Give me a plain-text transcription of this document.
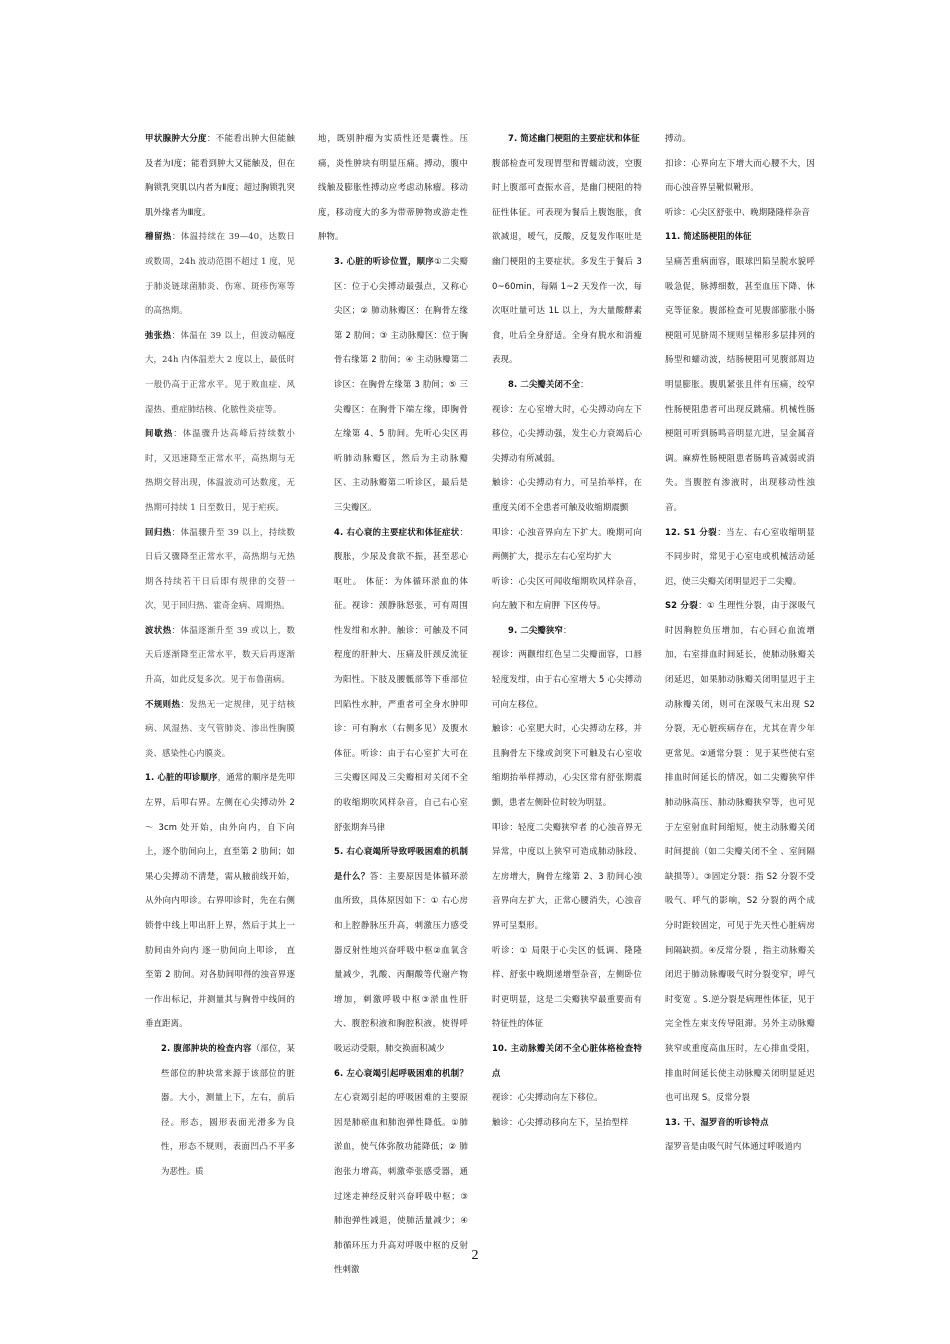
甲状腺肿大分度：不能看出肿大但能触及者为Ⅰ度；能看到肿大又能触及，但在胸锁乳突肌以内者为Ⅱ度；超过胸锁乳突肌外缘者为Ⅲ度。

稽留热：体温持续在 39—40，达数日或数周，24h 波动范围不超过 1 度，见于肺炎链球菌肺炎、伤寒、斑疹伤寒等的高热期。

弛张热：体温在 39 以上，但波动幅度大，24h 内体温差大 2 度以上，最低时一般仍高于正常水平。见于败血症、风湿热、重症肺结核、化脓性炎症等。

间歇热：体温骤升达高峰后持续数小时，又迅速降至正常水平，高热期与无热期交替出现，体温波动可达数度，无热期可持续 1 日至数日，见于疟疾。

回归热：体温骤升至 39 以上，持续数日后又骤降至正常水平，高热期与无热期各持续若干日后即有规律的交替一次，见于回归热、霍奇金病、周期热。

波状热：体温逐渐升至 39 或以上，数天后逐渐降至正常水平，数天后再逐渐升高，如此反复多次。见于布鲁菌病。

不规则热：发热无一定规律，见于结核病、风湿热、支气管肺炎、渗出性胸膜炎、感染性心内膜炎。

1. 心脏的叩诊顺序，通常的顺序是先叩左界，后叩右界。左侧在心尖搏动外 2 ～ 3cm 处开始，由外向内，自下向上，逐个肋间向上，直至第 2 肋间；如果心尖搏动不清楚，需从腋前线开始，从外向内叩诊。右界叩诊时，先在右侧锁骨中线上叩出肝上界，然后于其上一肋间由外向内 逐一肋间向上叩诊， 直至第 2 肋间。对各肋间叩得的浊音界逐一作出标记，并测量其与胸骨中线间的垂直距离。

2. 腹部肿块的检查内容（部位，某些部位的肿块常来源于该部位的脏器。大小，测量上下，左右，前后径。形态，圆形表面光滑多为良性，形态不规则，表面凹凸不平多为恶性。质

地，既别肿瘤为实质性还是囊性。压痛，炎性肿块有明显压痛。搏动，腹中线触及膨胀性搏动应考虑动脉瘤。移动度，移动度大的多为带蒂肿物或游走性肿物。

3. 心脏的听诊位置，顺序①二尖瓣区：位于心尖搏动最强点，又称心尖区；② 肺动脉瓣区：在胸骨左缘第 2 肋间；③ 主动脉瓣区：位于胸骨右缘第 2 肋间；④ 主动脉瓣第二诊区：在胸骨左缘第 3 肋间；⑤ 三尖瓣区：在胸骨下端左缘，即胸骨左缘第 4、5 肋间。先听心尖区再听肺动脉瓣区，然后为主动脉瓣区、主动脉瓣第二听诊区，最后是三尖瓣区。

4. 右心衰的主要症状和体征症状：腹胀，少尿及食欲不振，甚至恶心呕吐。 体征：为体循环淤血的体征。视诊：颈静脉怒张，可有周围性发绀和水肿。触诊：可触及不同程度的肝肿大、压痛及肝颈反流征为阳性。下肢及腰骶部等下垂部位凹陷性水肿，严重者可全身水肿叩诊：可有胸水（右侧多见）及腹水体征。听诊：由于右心室扩大可在三尖瓣区闻及三尖瓣相对关闭不全的收缩期吹风样杂音，自己右心室舒张期奔马律

5. 右心衰竭所导致呼吸困难的机制是什么？答：主要原因是体循环淤血所致，具体原因如下：① 右心房和上腔静脉压升高，刺激压力感受器反射性地兴奋呼吸中枢②血氧含量减少，乳酸、丙酮酸等代谢产物增加，刺激呼吸中枢③淤血性肝大、腹腔积液和胸腔积液，使得呼吸运动受限，肺交换面积减少

6. 左心衰竭引起呼吸困难的机制？左心衰竭引起的呼吸困难的主要原因是肺瘀血和肺泡弹性降低。①肺淤血，使气体弥散功能降低；② 肺泡张力增高，刺激牵张感受器，通过迷走神经反射兴奋呼吸中枢；③ 肺泡弹性减退，使肺活量减少；④ 肺循环压力升高对呼吸中枢的反射性刺激

7. 简述幽门梗阻的主要症状和体征

腹部检查可发现胃型和胃蠕动波，空腹时上腹部可查振水音，是幽门梗阻的特征性体征。可表现为餐后上腹饱胀，食欲减退，嗳气，反酸，反复发作呕吐是幽门梗阻的主要症状。多发生于餐后 30~60min，每隔 1~2 天发作一次，每次呕吐量可达 1L 以上，为大量酸酵素食，吐后全身舒适。全身有脱水和消瘦表现。

8. 二尖瓣关闭不全：

视诊：左心室增大时，心尖搏动向左下移位，心尖搏动强，发生心力衰竭后心尖搏动有所减弱。

触诊：心尖搏动有力，可呈抬举样，在重度关闭不全患者可触及收缩期震颤

叩诊：心浊音界向左下扩大。晚期可向两侧扩大，提示左右心室均扩大

听诊：心尖区可闻收缩期吹风样杂音，向左腋下和左肩胛 下区传导。

9. 二尖瓣狭窄：

视诊：两颧绀红色呈二尖瓣面容，口唇轻度发绀，由于右心室增大 5 心尖搏动可向左移位。

触诊：心室肥大时，心尖搏动左移，并且胸骨左下缘或剑突下可触及右心室收缩期抬举样搏动，心尖区常有舒张期震颤，患者左侧卧位时较为明显。

叩诊：轻度二尖瓣狭窄者 的心浊音界无异常，中度以上狭窄可造成肺动脉段、左房增大，胸骨左缘第 2、3 肋间心浊音界向左扩大，正常心腰消失，心浊音界可呈梨形。

听诊：① 局限于心尖区的低调、隆隆样、舒张中晚期递增型杂音，左侧卧位时更明显，这是二尖瓣狭窄最重要而有特征性的体征

10. 主动脉瓣关闭不全心脏体格检查特点

视诊：心尖搏动向左下移位。

触诊：心尖搏动移向左下，呈抬型样

搏动。

扣诊：心界向左下增大而心腰不大，因而心浊音界呈靴似靴形。

听诊：心尖区舒张中、晚期隆隆样杂音

11. 简述肠梗阻的体征

呈痛苦重病面容，眼球凹陷呈脱水貌呼吸急促，脉搏细数，甚至血压下降、休克等征象。腹部检查可见腹部膨胀小肠梗阻可见脐周不规则呈梯形多层排列的肠型和蠕动波，结肠梗阻可见腹部周边明显膨胀。腹肌紧张且伴有压痛，绞窄性肠梗阻患者可出现反跳痛。机械性肠梗阻可听到肠鸣音明显亢进，呈金属音调。麻痹性肠梗阻患者肠鸣音减弱或消失。当腹腔有渗液时，出现移动性浊音。

12. S1 分裂：当左、右心室收缩明显不同步时，常见于心室电或机械活动延迟，使三尖瓣关闭明显迟于二尖瓣。

S2 分裂：① 生理性分裂，由于深吸气时因胸腔负压增加，右心回心血流增加，右室排血时间延长，使肺动脉瓣关闭延迟，如果肺动脉瓣关闭明显迟于主动脉瓣关闭，则可在深吸气末出现 S2 分裂，无心脏疾病存在，尤其在青少年更常见。②通常分裂 ：见于某些使右室排血时间延长的情况，如二尖瓣狭窄伴肺动脉高压、肺动脉瓣狭窄等，也可见于左室射血时间缩短，使主动脉瓣关闭时间提前（如二尖瓣关闭不全 、室间隔缺损等）。③固定分裂：指 S2 分裂不受吸气、呼气的影响，S2 分裂的两个成分时距较固定，可见于先天性心脏病房间隔缺损。④反常分裂 ，指主动脉瓣关闭迟于肺动脉瓣吸气时分裂变窄，呼气时变宽 。S.逆分裂是病理性体征，见于完全性左束支传导阻滞。另外主动脉瓣狭窄或重度高血压时，左心排血受阻，排血时间延长使主动脉瓣关闭明显延迟也可出现 S。反常分裂

13. 干、湿罗音的听诊特点

湿罗音是由吸气时气体通过呼吸道内

2
